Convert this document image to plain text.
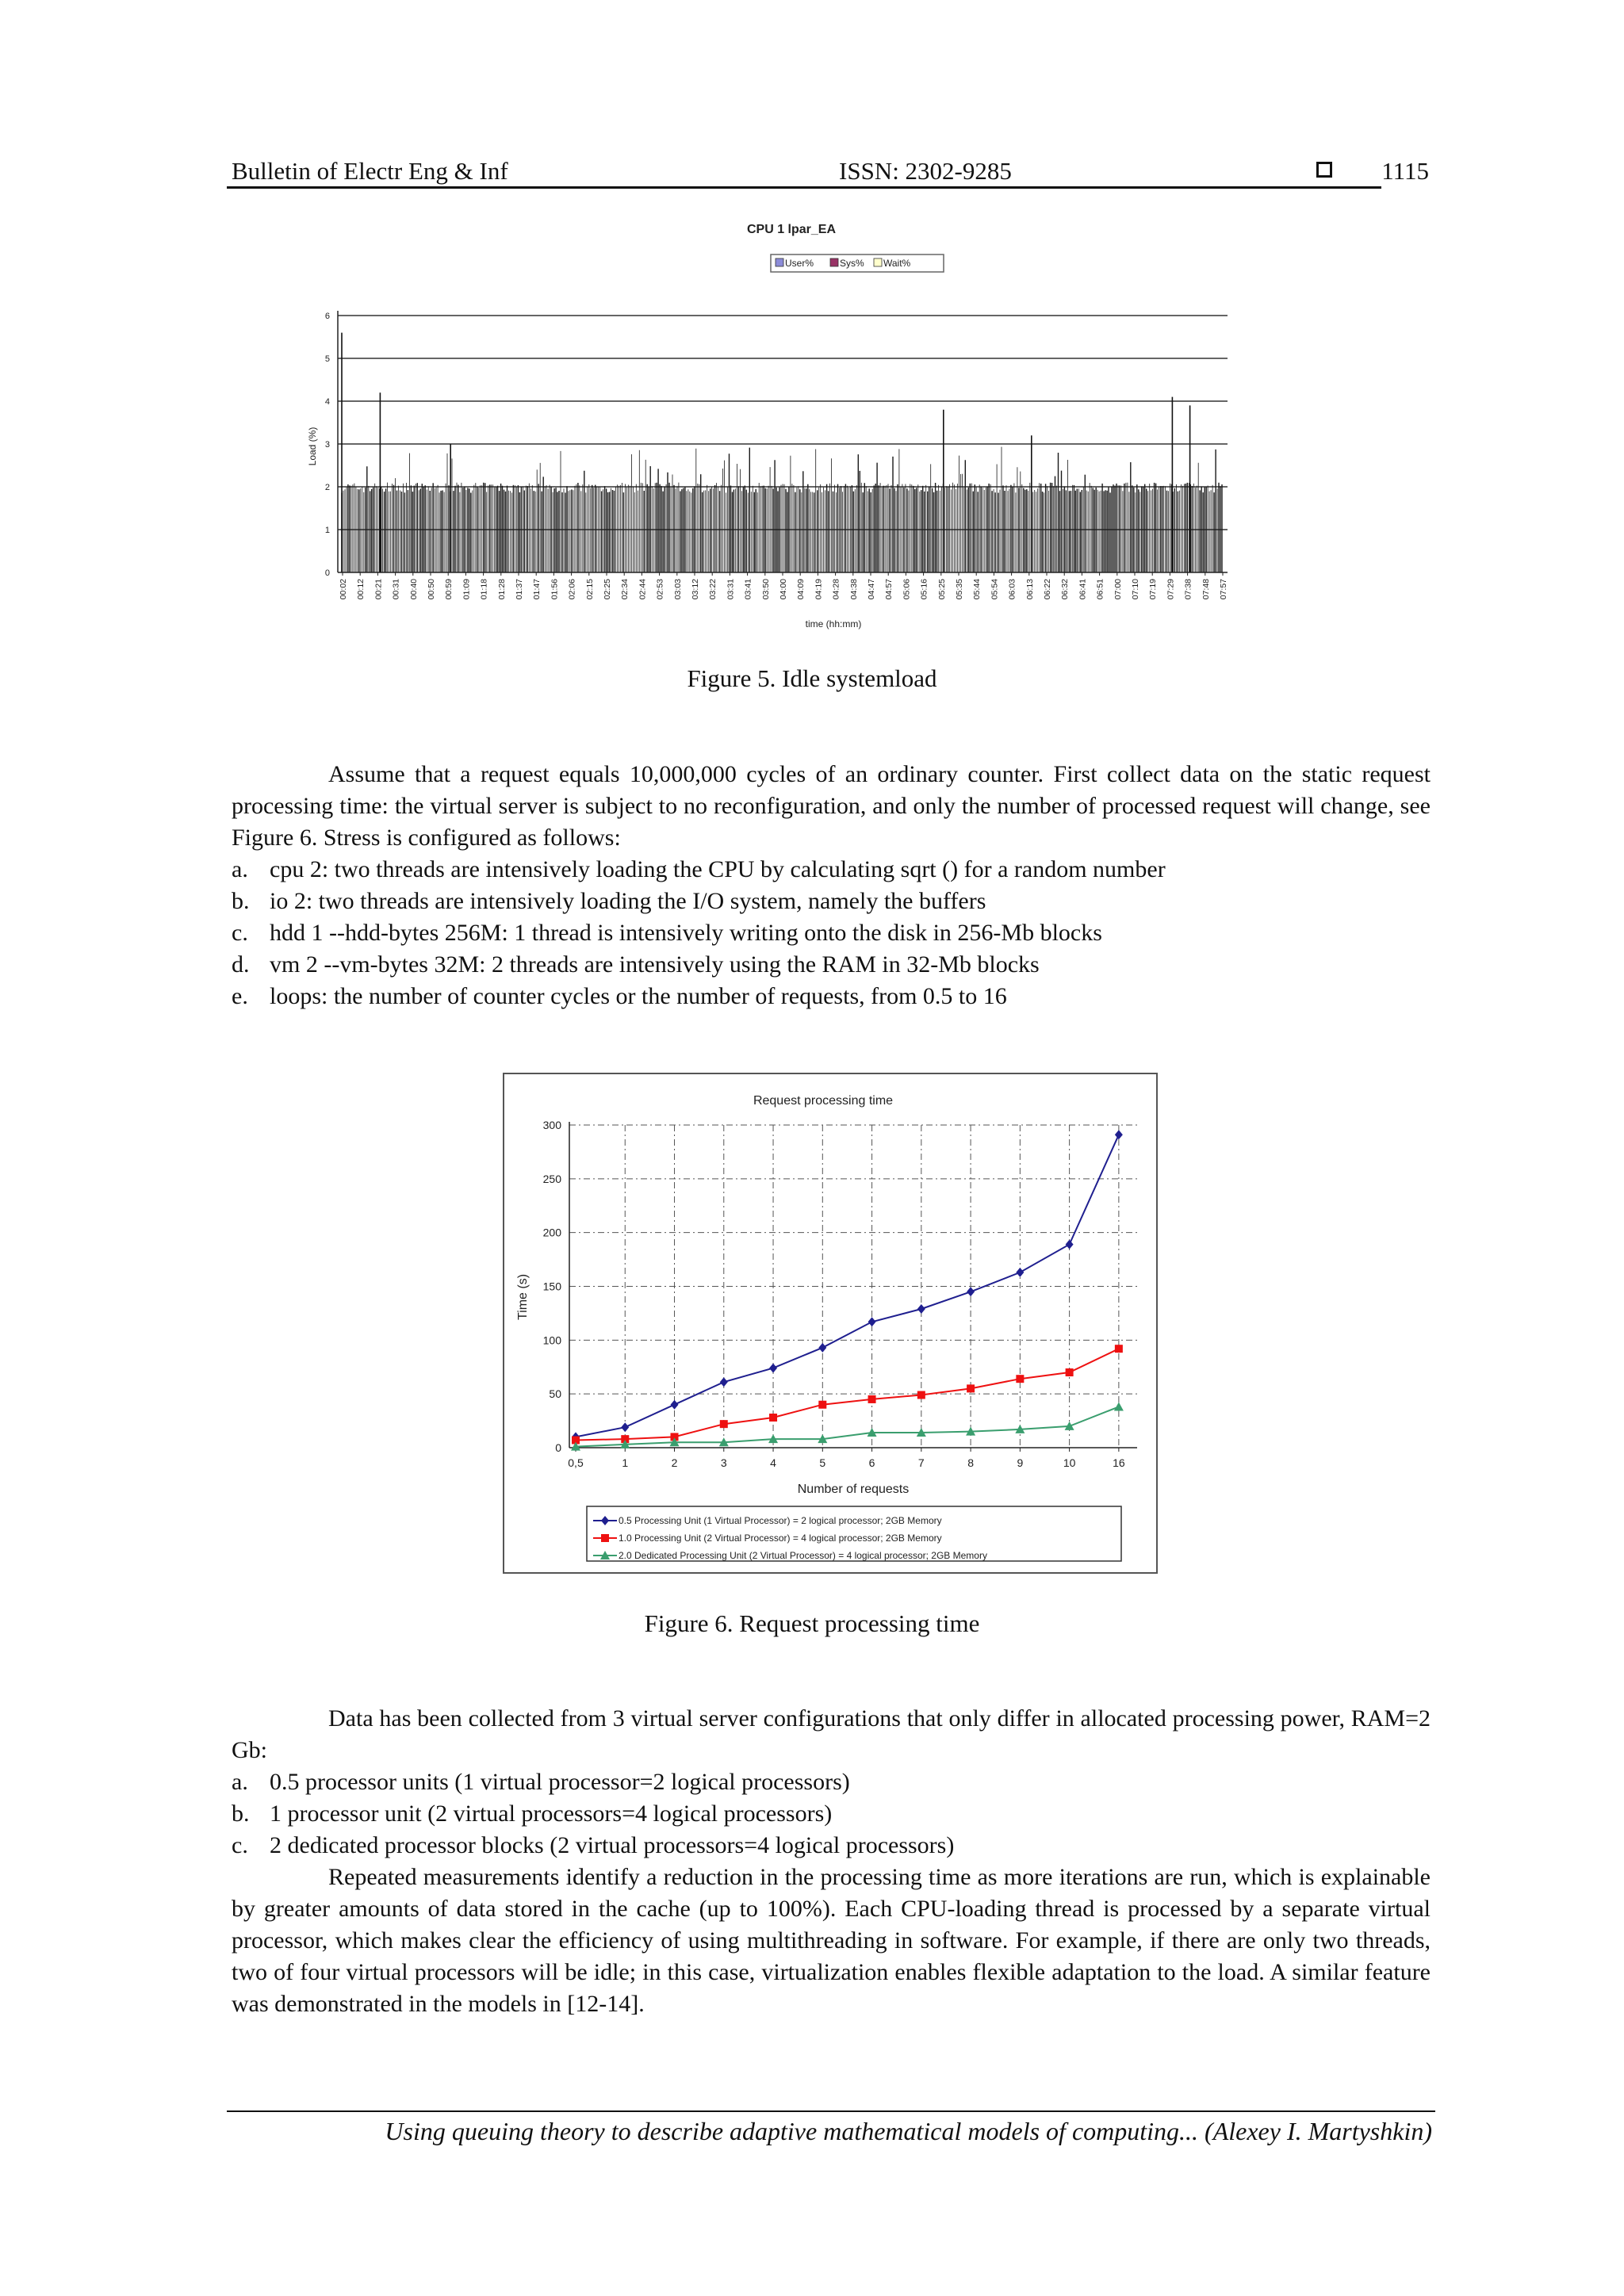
Bulletin of Electr Eng & Inf	ISSN: 2302-9285	1115
CPU 1 lpar_EA
User%	Sys% Wait%
0
1
2
3
4
5
6
00:02 00:12 00:21 00:31 00:40 00:50 00:59 01:09 01:18 01:28 01:37 01:47 01:56 02:06 02:15 02:25 02:34 02:44 02:53 03:03 03:12 03:22 03:31 03:41 03:50 04:00 04:09 04:19 04:28 04:38 04:47 04:57 05:06 05:16 05:25 05:35 05:44 05:54 06:03 06:13 06:22 06:32 06:41 06:51 07:00 07:10 07:19 07:29 07:38 07:48 07:57
Load (%)
time (hh:mm)
Figure 5. Idle systemload

Assume that a request equals 10,000,000 cycles of an ordinary counter. First collect data on the static request processing time: the virtual server is subject to no reconfiguration, and only the number of processed request will change, see Figure 6. Stress is configured as follows:

a. cpu 2: two threads are intensively loading the CPU by calculating sqrt () for a random number
b. io 2: two threads are intensively loading the I/O system, namely the buffers
c. hdd 1 --hdd-bytes 256M: 1 thread is intensively writing onto the disk in 256-Mb blocks
d. vm 2 --vm-bytes 32M: 2 threads are intensively using the RAM in 32-Mb blocks
e. loops: the number of counter cycles or the number of requests, from 0.5 to 16
Request processing time
0
50
100
150
200
250
300
0,5	1	2	3	4	5	6	7	8	9	10	16
Time (s)
Number of requests
0.5 Processing Unit (1 Virtual Processor) = 2 logical processor; 2GB Memory
1.0 Processing Unit (2 Virtual Processor) = 4 logical processor; 2GB Memory
2.0 Dedicated Processing Unit (2 Virtual Processor) = 4 logical processor; 2GB Memory
Figure 6. Request processing time

Data has been collected from 3 virtual server configurations that only differ in allocated processing power, RAM=2 Gb:

a. 0.5 processor units (1 virtual processor=2 logical processors)
b. 1 processor unit (2 virtual processors=4 logical processors)
c. 2 dedicated processor blocks (2 virtual processors=4 logical processors)

Repeated measurements identify a reduction in the processing time as more iterations are run, which is explainable by greater amounts of data stored in the cache (up to 100%). Each CPU-loading thread is processed by a separate virtual processor, which makes clear the efficiency of using multithreading in software. For example, if there are only two threads, two of four virtual processors will be idle; in this case, virtualization enables flexible adaptation to the load. A similar feature was demonstrated in the models in [12-14].

Using queuing theory to describe adaptive mathematical models of computing... (Alexey I. Martyshkin)
